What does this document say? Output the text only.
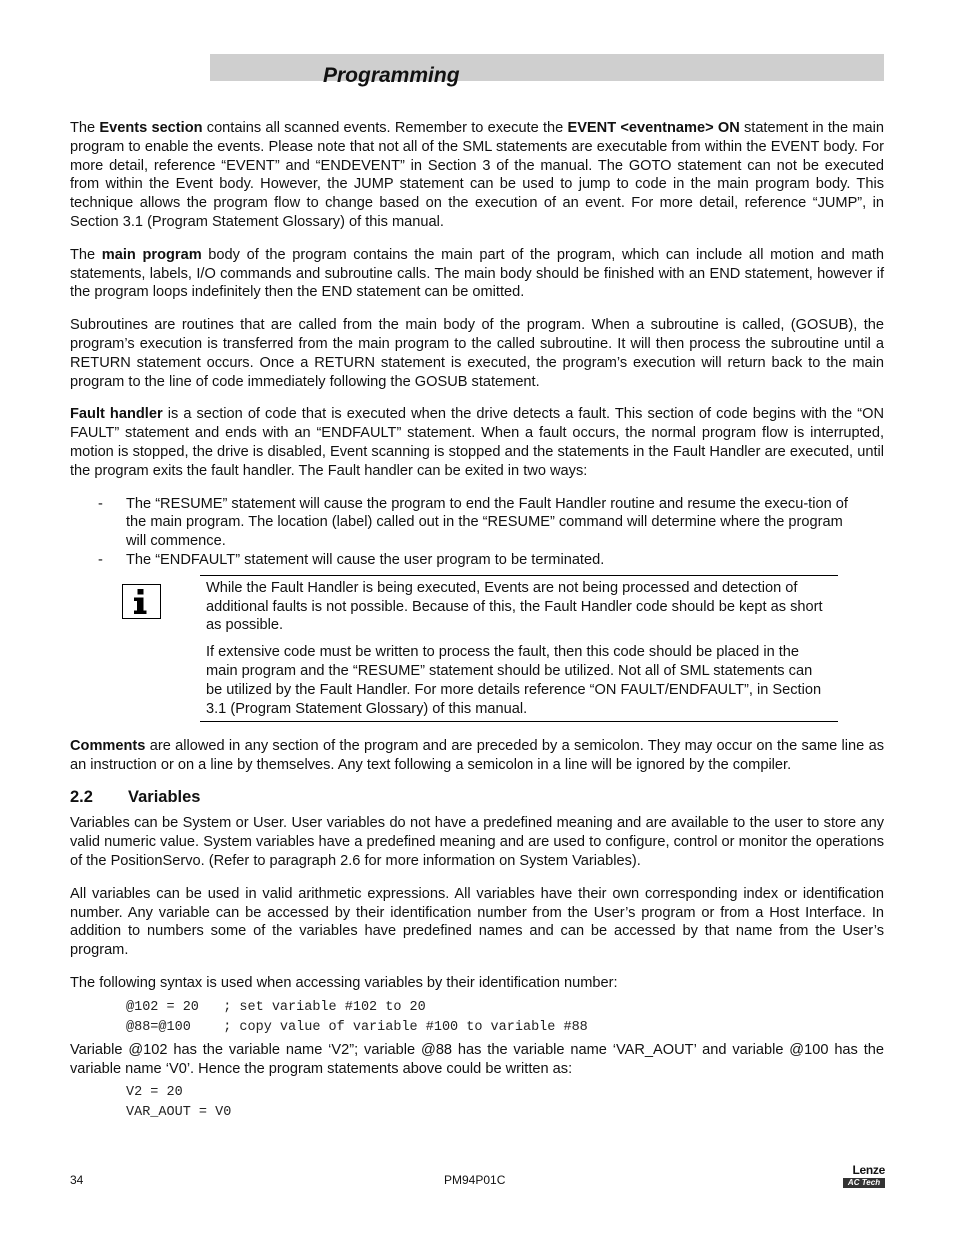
Programming

The Events section contains all scanned events. Remember to execute the EVENT <eventname> ON statement in the main program to enable the events. Please note that not all of the SML statements are executable from within the EVENT body. For more detail, reference “EVENT” and “ENDEVENT” in Section 3 of the manual. The GOTO statement can not be executed from within the Event body. However, the JUMP statement can be used to jump to code in the main program body. This technique allows the program flow to change based on the execution of an event. For more detail, reference “JUMP”, in Section 3.1 (Program Statement Glossary) of this manual.

The main program body of the program contains the main part of the program, which can include all motion and math statements, labels, I/O commands and subroutine calls. The main body should be finished with an END statement, however if the program loops indefinitely then the END statement can be omitted.

Subroutines are routines that are called from the main body of the program. When a subroutine is called, (GOSUB), the program’s execution is transferred from the main program to the called subroutine. It will then process the subroutine until a RETURN statement occurs. Once a RETURN statement is executed, the program’s execution will return back to the main program to the line of code immediately following the GOSUB statement.

Fault handler is a section of code that is executed when the drive detects a fault. This section of code begins with the “ON FAULT” statement and ends with an “ENDFAULT” statement. When a fault occurs, the normal program flow is interrupted, motion is stopped, the drive is disabled, Event scanning is stopped and the statements in the Fault Handler are executed, until the program exits the fault handler. The Fault handler can be exited in two ways:

- The “RESUME” statement will cause the program to end the Fault Handler routine and resume the execu-tion of the main program. The location (label) called out in the “RESUME” command will determine where the program will commence.
- The “ENDFAULT” statement will cause the user program to be terminated.

While the Fault Handler is being executed, Events are not being processed and detection of additional faults is not possible. Because of this, the Fault Handler code should be kept as short as possible.

If extensive code must be written to process the fault, then this code should be placed in the main program and the “RESUME” statement should be utilized. Not all of SML statements can be utilized by the Fault Handler. For more details reference “ON FAULT/ENDFAULT”, in Section 3.1 (Program Statement Glossary) of this manual.

Comments are allowed in any section of the program and are preceded by a semicolon. They may occur on the same line as an instruction or on a line by themselves. Any text following a semicolon in a line will be ignored by the compiler.

2.2 Variables

Variables can be System or User. User variables do not have a predefined meaning and are available to the user to store any valid numeric value. System variables have a predefined meaning and are used to configure, control or monitor the operations of the PositionServo. (Refer to paragraph 2.6 for more information on System Variables).

All variables can be used in valid arithmetic expressions. All variables have their own corresponding index or identification number. Any variable can be accessed by their identification number from the User’s program or from a Host Interface. In addition to numbers some of the variables have predefined names and can be accessed by that name from the User’s program.

The following syntax is used when accessing variables by their identification number:

@102 = 20   ; set variable #102 to 20
@88=@100    ; copy value of variable #100 to variable #88

Variable @102 has the variable name ‘V2”; variable @88 has the variable name ‘VAR_AOUT’ and variable @100 has the variable name ‘V0’. Hence the program statements above could be written as:

V2 = 20
VAR_AOUT = V0
34	PM94P01C
Lenze
AC Tech
